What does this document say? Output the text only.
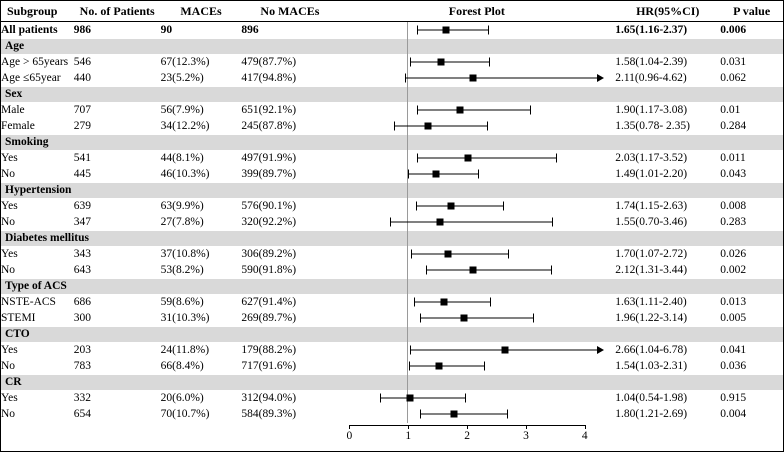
Subgroup	No. of Patients	MACEs	No MACEs	Forest Plot	HR(95%CI)	P value
All patients	986	90	896		1.65(1.16-2.37)	0.006
Age				

Age > 65years	546	67(12.3%)	479(87.7%)		1.58(1.04-2.39)	0.031
Age ≤65year	440	23(5.2%)	417(94.8%)		2.11(0.96-4.62)	0.062
Sex				

Male	707	56(7.9%)	651(92.1%)		1.90(1.17-3.08)	0.01
Female	279	34(12.2%)	245(87.8%)		1.35(0.78- 2.35)	0.284
Smoking				

Yes	541	44(8.1%)	497(91.9%)		2.03(1.17-3.52)	0.011
No	445	46(10.3%)	399(89.7%)		1.49(1.01-2.20)	0.043
Hypertension				

Yes	639	63(9.9%)	576(90.1%)		1.74(1.15-2.63)	0.008
No	347	27(7.8%)	320(92.2%)		1.55(0.70-3.46)	0.283
Diabetes mellitus				

Yes	343	37(10.8%)	306(89.2%)		1.70(1.07-2.72)	0.026
No	643	53(8.2%)	590(91.8%)		2.12(1.31-3.44)	0.002
Type of ACS				

NSTE-ACS	686	59(8.6%)	627(91.4%)		1.63(1.11-2.40)	0.013
STEMI	300	31(10.3%)	269(89.7%)		1.96(1.22-3.14)	0.005
CTO				

Yes	203	24(11.8%)	179(88.2%)		2.66(1.04-6.78)	0.041
No	783	66(8.4%)	717(91.6%)		1.54(1.03-2.31)	0.036
CR				

Yes	332	20(6.0%)	312(94.0%)		1.04(0.54-1.98)	0.915
No	654	70(10.7%)	584(89.3%)		1.80(1.21-2.69)	0.004
0	1	2	3	4
